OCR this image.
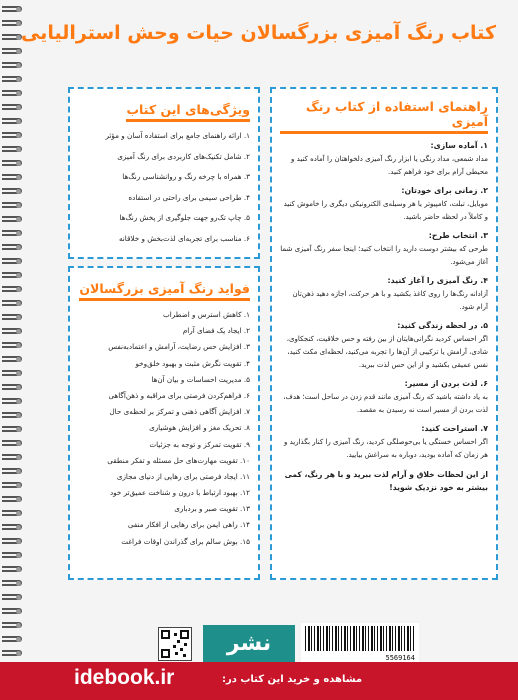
کتاب رنگ آمیزی بزرگسالان حیات وحش استرالیایی
راهنمای استفاده از کتاب رنگ آمیزی
۱. آماده سازی:
مداد شمعی، مداد رنگی یا ابزار رنگ آمیزی دلخواهتان را آماده کنید و محیطی آرام برای خود فراهم کنید.
۲. زمانی برای خودتان:
موبایل، تبلت، کامپیوتر یا هر وسیله‌ی الکترونیکی دیگری را خاموش کنید و کاملاً در لحظه حاضر باشید.
۳. انتخاب طرح:
طرحی که بیشتر دوست دارید را انتخاب کنید؛ اینجا سفر رنگ آمیزی شما آغاز می‌شود.
۴. رنگ آمیزی را آغاز کنید:
آزادانه رنگ‌ها را روی کاغذ بکشید و با هر حرکت، اجازه دهید ذهن‌تان آرام شود.
۵. در لحظه زندگی کنید:
اگر احساس کردید نگرانی‌هایتان از بین رفته و حس خلاقیت، کنجکاوی، شادی، آرامش یا ترکیبی از آن‌ها را تجربه می‌کنید، لحظه‌ای مکث کنید، نفس عمیقی بکشید و از این حس لذت ببرید.
۶. لذت بردن از مسیر:
به یاد داشته باشید که رنگ آمیزی مانند قدم زدن در ساحل است؛ هدف، لذت بردن از مسیر است نه رسیدن به مقصد.
۷. استراحت کنید:
اگر احساس خستگی یا بی‌حوصلگی کردید، رنگ آمیزی را کنار بگذارید و هر زمان که آماده بودید، دوباره به سراغش بیایید.
از این لحظات خلاق و آرام لذت ببرید و با هر رنگ، کمی بیشتر به خود نزدیک شوید!
ویژگی‌های این کتاب
۱. ارائه راهنمای جامع برای استفاده آسان و مؤثر
۲. شامل تکنیک‌های کاربردی برای رنگ آمیزی
۳. همراه با چرخه رنگ و روانشناسی رنگ‌ها
۴. طراحی سیمی برای راحتی در استفاده
۵. چاپ تک‌رو جهت جلوگیری از پخش رنگ‌ها
۶. مناسب برای تجربه‌ای لذت‌بخش و خلاقانه
فواید رنگ آمیزی بزرگسالان
۱. کاهش استرس و اضطراب
۲. ایجاد یک فضای آرام
۳. افزایش حس رضایت، آرامش و اعتماد‌به‌نفس
۴. تقویت نگرش مثبت و بهبود خلق‌وخو
۵. مدیریت احساسات و بیان آن‌ها
۶. فراهم‌کردن فرصتی برای مراقبه و ذهن‌آگاهی
۷. افزایش آگاهی ذهنی و تمرکز بر لحظه‌ی حال
۸. تحریک مغز و افزایش هوشیاری
۹. تقویت تمرکز و توجه به جزئیات
۱۰. تقویت مهارت‌های حل مسئله و تفکر منطقی
۱۱. ایجاد فرصتی برای رهایی از دنیای مجازی
۱۲. بهبود ارتباط با درون و شناخت عمیق‌تر خود
۱۳. تقویت صبر و بردباری
۱۴. راهی ایمن برای رهایی از افکار منفی
۱۵. بوش سالم برای گذراندن اوقات فراغت
نشر
5569164
idebook.ir	مشاهده و خرید این کتاب در:
